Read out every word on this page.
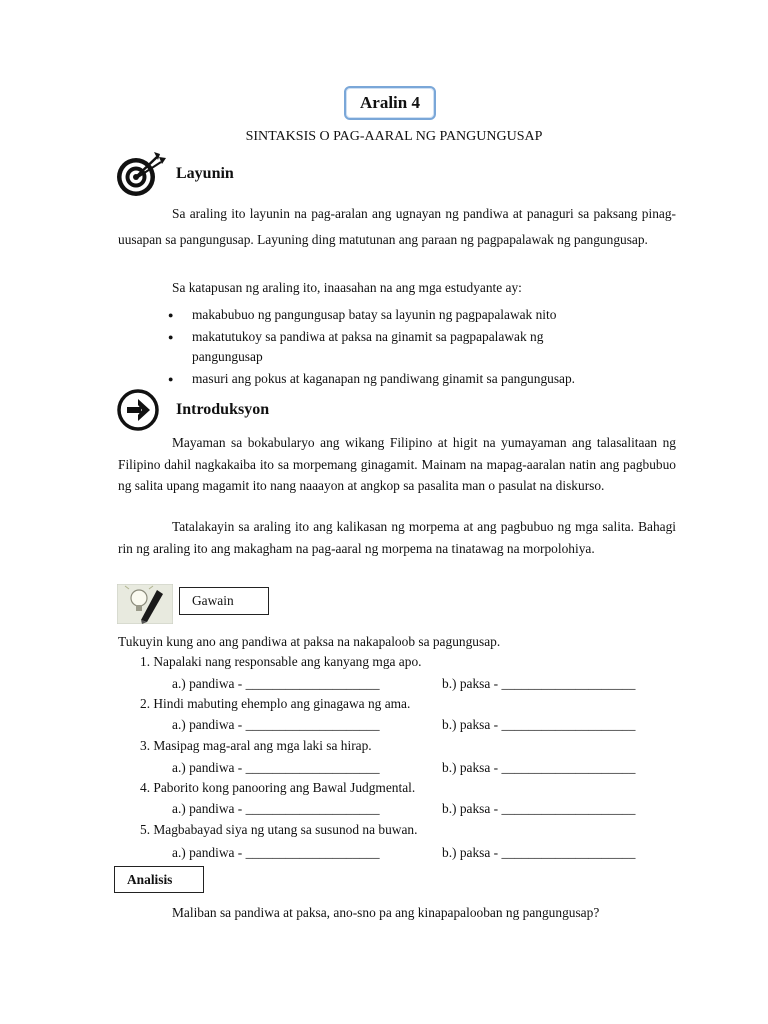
Aralin 4
SINTAKSIS O PAG-AARAL NG PANGUNGUSAP
Layunin
Sa araling ito layunin na pag-aralan ang ugnayan ng pandiwa at panaguri sa paksang pinag-uusapan sa pangungusap. Layuning ding matutunan ang paraan ng pagpapalawak ng pangungusap.
Sa katapusan ng araling ito, inaasahan na ang mga estudyante ay:
● makabubuo ng pangungusap batay sa layunin ng pagpapalawak nito
● makatutukoy sa pandiwa at paksa na ginamit sa pagpapalawak ng pangungusap
● masuri ang pokus at kaganapan ng pandiwang ginamit sa pangungusap.
Introduksyon
Mayaman sa bokabularyo ang wikang Filipino at higit na yumayaman ang talasalitaan ng Filipino dahil nagkakaiba ito sa morpemang ginagamit. Mainam na mapag-aaralan natin ang pagbubuo ng salita upang magamit ito nang naaayon at angkop sa pasalita man o pasulat na diskurso.
Tatalakayin sa araling ito ang kalikasan ng morpema at ang pagbubuo ng mga salita. Bahagi rin ng araling ito ang makagham na pag-aaral ng morpema na tinatawag na morpolohiya.
Gawain
Tukuyin kung ano ang pandiwa at paksa na nakapaloob sa pagungusap.
1. Napalaki nang responsable ang kanyang mga apo.
a.) pandiwa - ____________________	b.) paksa - ____________________
2. Hindi mabuting ehemplo ang ginagawa ng ama.
a.) pandiwa - ____________________	b.) paksa - ____________________
3. Masipag mag-aral ang mga laki sa hirap.
a.) pandiwa - ____________________	b.) paksa - ____________________
4. Paborito kong panooring ang Bawal Judgmental.
a.) pandiwa - ____________________	b.) paksa - ____________________
5. Magbabayad siya ng utang sa susunod na buwan.
a.) pandiwa - ____________________	b.) paksa - ____________________
Analisis
Maliban sa pandiwa at paksa, ano-sno pa ang kinapapalooban ng pangungusap?
